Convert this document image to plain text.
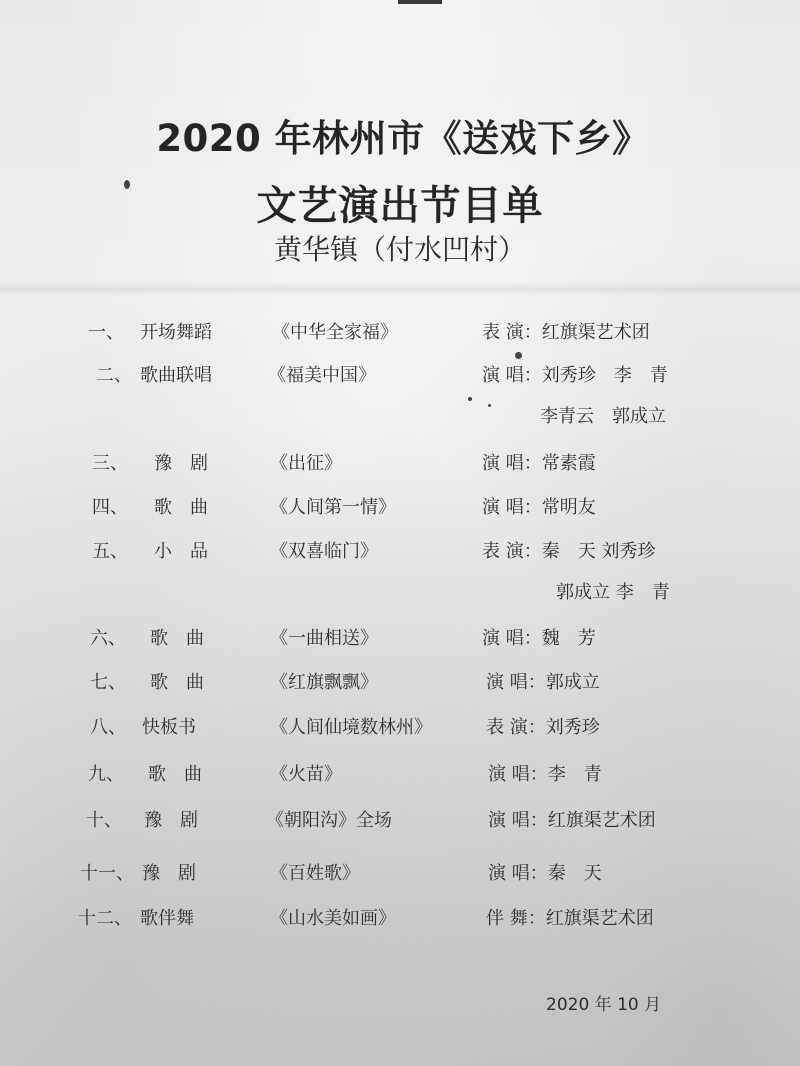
2020 年林州市《送戏下乡》
文艺演出节目单
黄华镇（付水凹村）
一、 开场舞蹈	《中华全家福》	表 演：红旗渠艺术团
二、 歌曲联唱	《福美中国》	演 唱：刘秀珍　李　青
李青云　郭成立
三、 豫　剧	《出征》	演 唱：常素霞
四、 歌　曲	《人间第一情》	演 唱：常明友
五、 小　品	《双喜临门》	表 演：秦　天 刘秀珍
郭成立 李　青
六、 歌　曲	《一曲相送》	演 唱：魏　芳
七、 歌　曲	《红旗飘飘》	演 唱：郭成立
八、 快板书	《人间仙境数林州》	表 演：刘秀珍
九、 歌　曲	《火苗》	演 唱：李　青
十、 豫　剧	《朝阳沟》全场	演 唱：红旗渠艺术团
十一、 豫　剧	《百姓歌》	演 唱：秦　天
十二、 歌伴舞	《山水美如画》	伴 舞：红旗渠艺术团
2020 年 10 月
